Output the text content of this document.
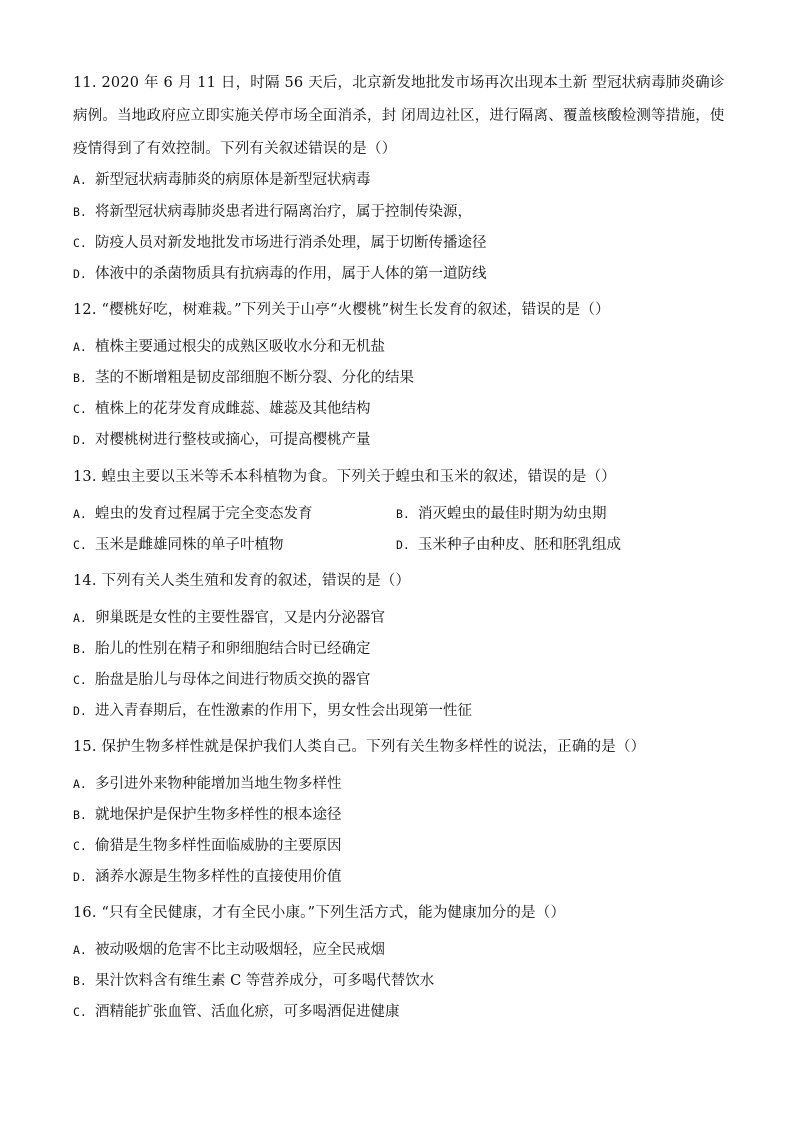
11. 2020 年 6 月 11 日，时隔 56 天后，北京新发地批发市场再次出现本土新 型冠状病毒肺炎确诊病例。当地政府应立即实施关停市场全面消杀，封 闭周边社区，进行隔离、覆盖核酸检测等措施，使疫情得到了有效控制。下列有关叙述错误的是（）
A. 新型冠状病毒肺炎的病原体是新型冠状病毒
B. 将新型冠状病毒肺炎患者进行隔离治疗，属于控制传染源，
C. 防疫人员对新发地批发市场进行消杀处理，属于切断传播途径
D. 体液中的杀菌物质具有抗病毒的作用，属于人体的第一道防线
12. “樱桃好吃，树难栽。”下列关于山亭“火樱桃”树生长发育的叙述，错误的是（）
A. 植株主要通过根尖的成熟区吸收水分和无机盐
B. 茎的不断增粗是韧皮部细胞不断分裂、分化的结果
C. 植株上的花芽发育成雌蕊、雄蕊及其他结构
D. 对樱桃树进行整枝或摘心，可提高樱桃产量
13. 蝗虫主要以玉米等禾本科植物为食。下列关于蝗虫和玉米的叙述，错误的是（）
A. 蝗虫的发育过程属于完全变态发育	B. 消灭蝗虫的最佳时期为幼虫期
C. 玉米是雌雄同株的单子叶植物	D. 玉米种子由种皮、胚和胚乳组成
14. 下列有关人类生殖和发育的叙述，错误的是（）
A. 卵巢既是女性的主要性器官，又是内分泌器官
B. 胎儿的性别在精子和卵细胞结合时已经确定
C. 胎盘是胎儿与母体之间进行物质交换的器官
D. 进入青春期后，在性激素的作用下，男女性会出现第一性征
15. 保护生物多样性就是保护我们人类自己。下列有关生物多样性的说法，正确的是（）
A. 多引进外来物种能增加当地生物多样性
B. 就地保护是保护生物多样性的根本途径
C. 偷猎是生物多样性面临威胁的主要原因
D. 涵养水源是生物多样性的直接使用价值
16. “只有全民健康，才有全民小康。”下列生活方式，能为健康加分的是（）
A. 被动吸烟的危害不比主动吸烟轻，应全民戒烟
B. 果汁饮料含有维生素 C 等营养成分，可多喝代替饮水
C. 酒精能扩张血管、活血化瘀，可多喝酒促进健康
